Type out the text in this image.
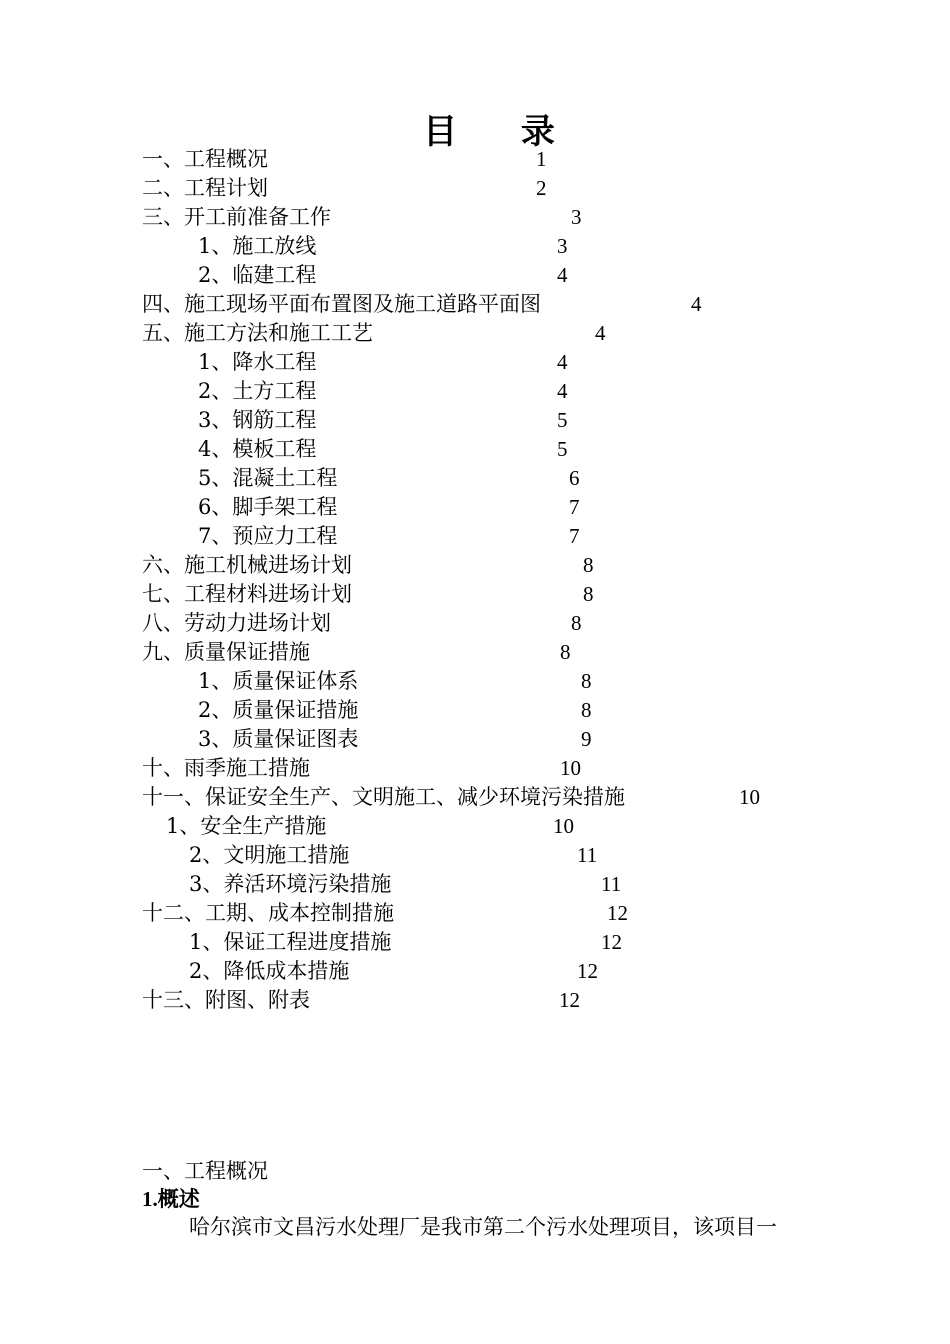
目 录
一、工程概况	1
二、工程计划	2
三、开工前准备工作	3
1、施工放线	3
2、临建工程	4
四、施工现场平面布置图及施工道路平面图	4
五、施工方法和施工工艺	4
1、降水工程	4
2、土方工程	4
3、钢筋工程	5
4、模板工程	5
5、混凝土工程	6
6、脚手架工程	7
7、预应力工程	7
六、施工机械进场计划	8
七、工程材料进场计划	8
八、劳动力进场计划	8
九、质量保证措施	8
1、质量保证体系	8
2、质量保证措施	8
3、质量保证图表	9
十、雨季施工措施	10
十一、保证安全生产、文明施工、减少环境污染措施	10
1、安全生产措施	10
2、文明施工措施	11
3、养活环境污染措施	11
十二、工期、成本控制措施	12
1、保证工程进度措施	12
2、降低成本措施	12
十三、附图、附表	12
一、工程概况
1.概述
哈尔滨市文昌污水处理厂是我市第二个污水处理项目，该项目一
